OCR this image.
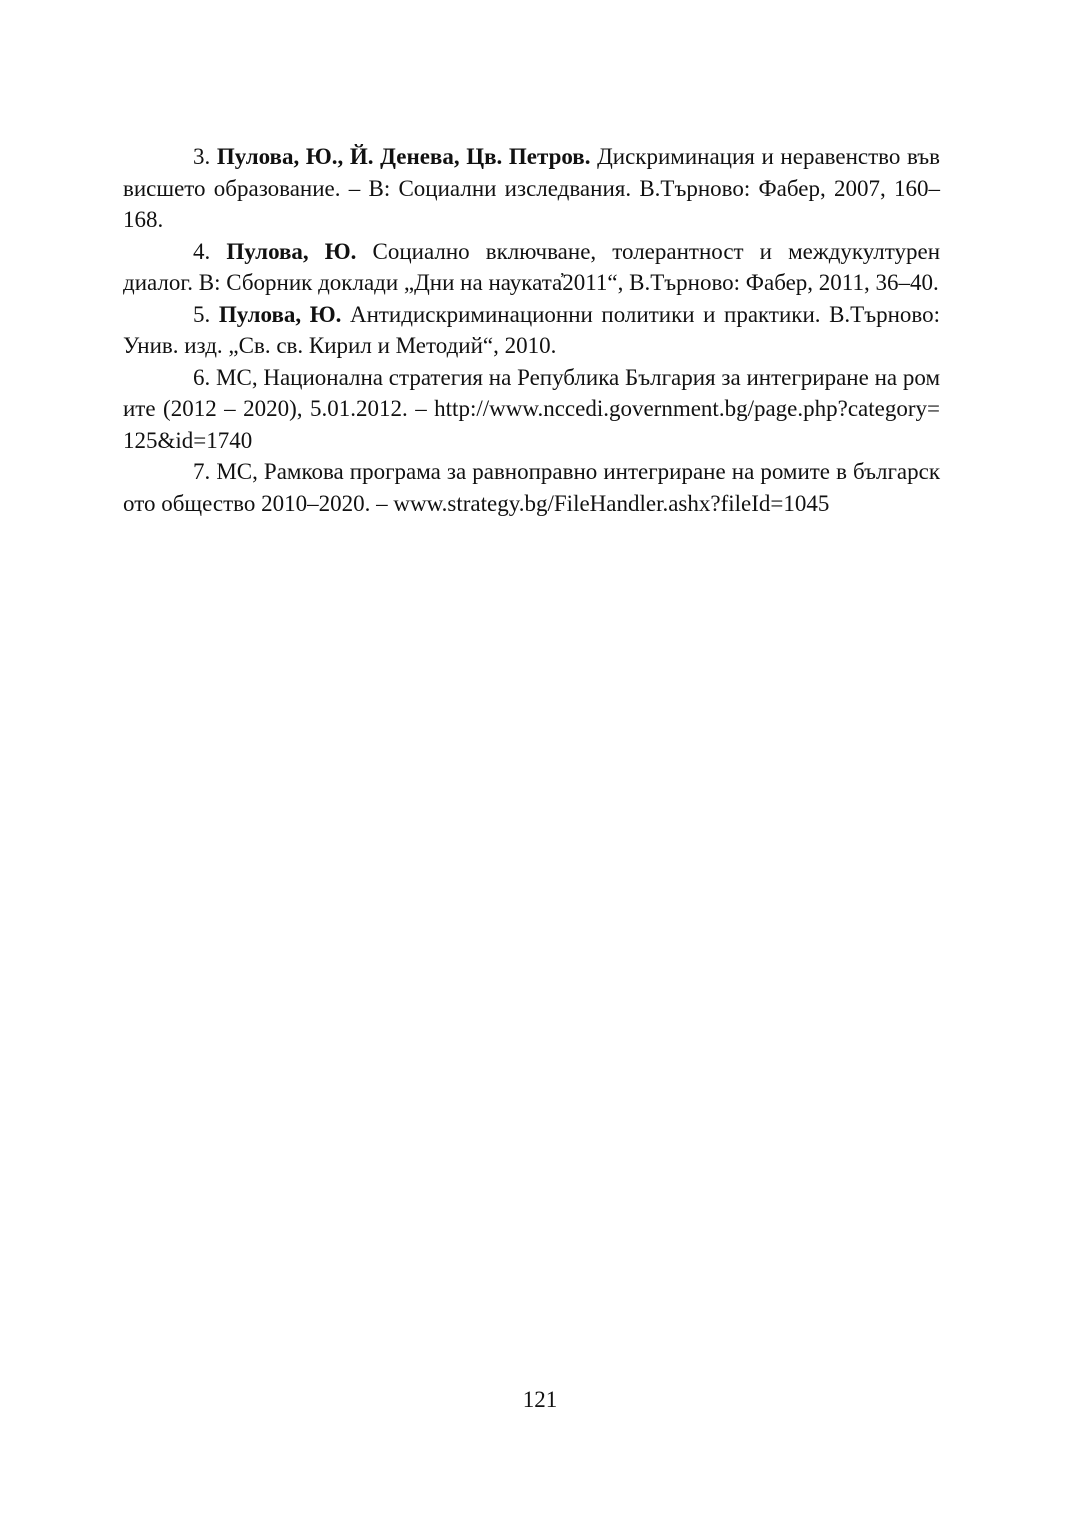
3. Пулова, Ю., Й. Денева, Цв. Петров. Дискриминация и неравенство във висшето образование. – В: Социални изследвания. В.Търново: Фабер, 2007, 160–168.

4. Пулова, Ю. Социално включване, толерантност и междукултурен диалог. В: Сборник доклади „Дни на науката̓2011“, В.Търново: Фабер, 2011, 36–40.

5. Пулова, Ю. Антидискриминационни политики и практики. В.Търново: Унив. изд. „Св. св. Кирил и Методий“, 2010.

6. МС, Национална стратегия на Република България за интегриране на ромите (2012 – 2020), 5.01.2012. – http://www.nccedi.government.bg/page.php?category=125&id=1740

7. МС, Рамкова програма за равноправно интегриране на ромите в българското общество 2010–2020. – www.strategy.bg/FileHandler.ashx?fileId=1045

121
